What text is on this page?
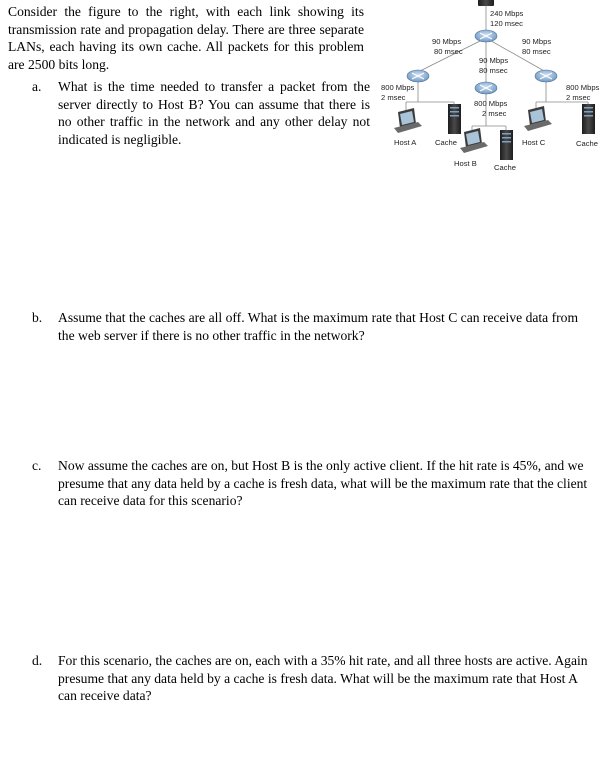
Consider the figure to the right, with each link showing its transmission rate and propagation delay. There are three separate LANs, each having its own cache. All packets for this problem are 2500 bits long.

a. What is the time needed to transfer a packet from the server directly to Host B? You can assume that there is no other traffic in the network and any other delay not indicated is negligible.
b. Assume that the caches are all off. What is the maximum rate that Host C can receive data from the web server if there is no other traffic in the network?
c. Now assume the caches are on, but Host B is the only active client. If the hit rate is 45%, and we presume that any data held by a cache is fresh data, what will be the maximum rate that the client can receive data for this scenario?
d. For this scenario, the caches are on, each with a 35% hit rate, and all three hosts are active. Again presume that any data held by a cache is fresh data. What will be the maximum rate that Host A can receive data?
240 Mbps
120 msec
90 Mbps
80 msec
90 Mbps
80 msec
90 Mbps
80 msec
800 Mbps
2 msec
800 Mbps
2 msec
800 Mbps
2 msec
Host A Cache
Host B Cache
Host C	Cache
